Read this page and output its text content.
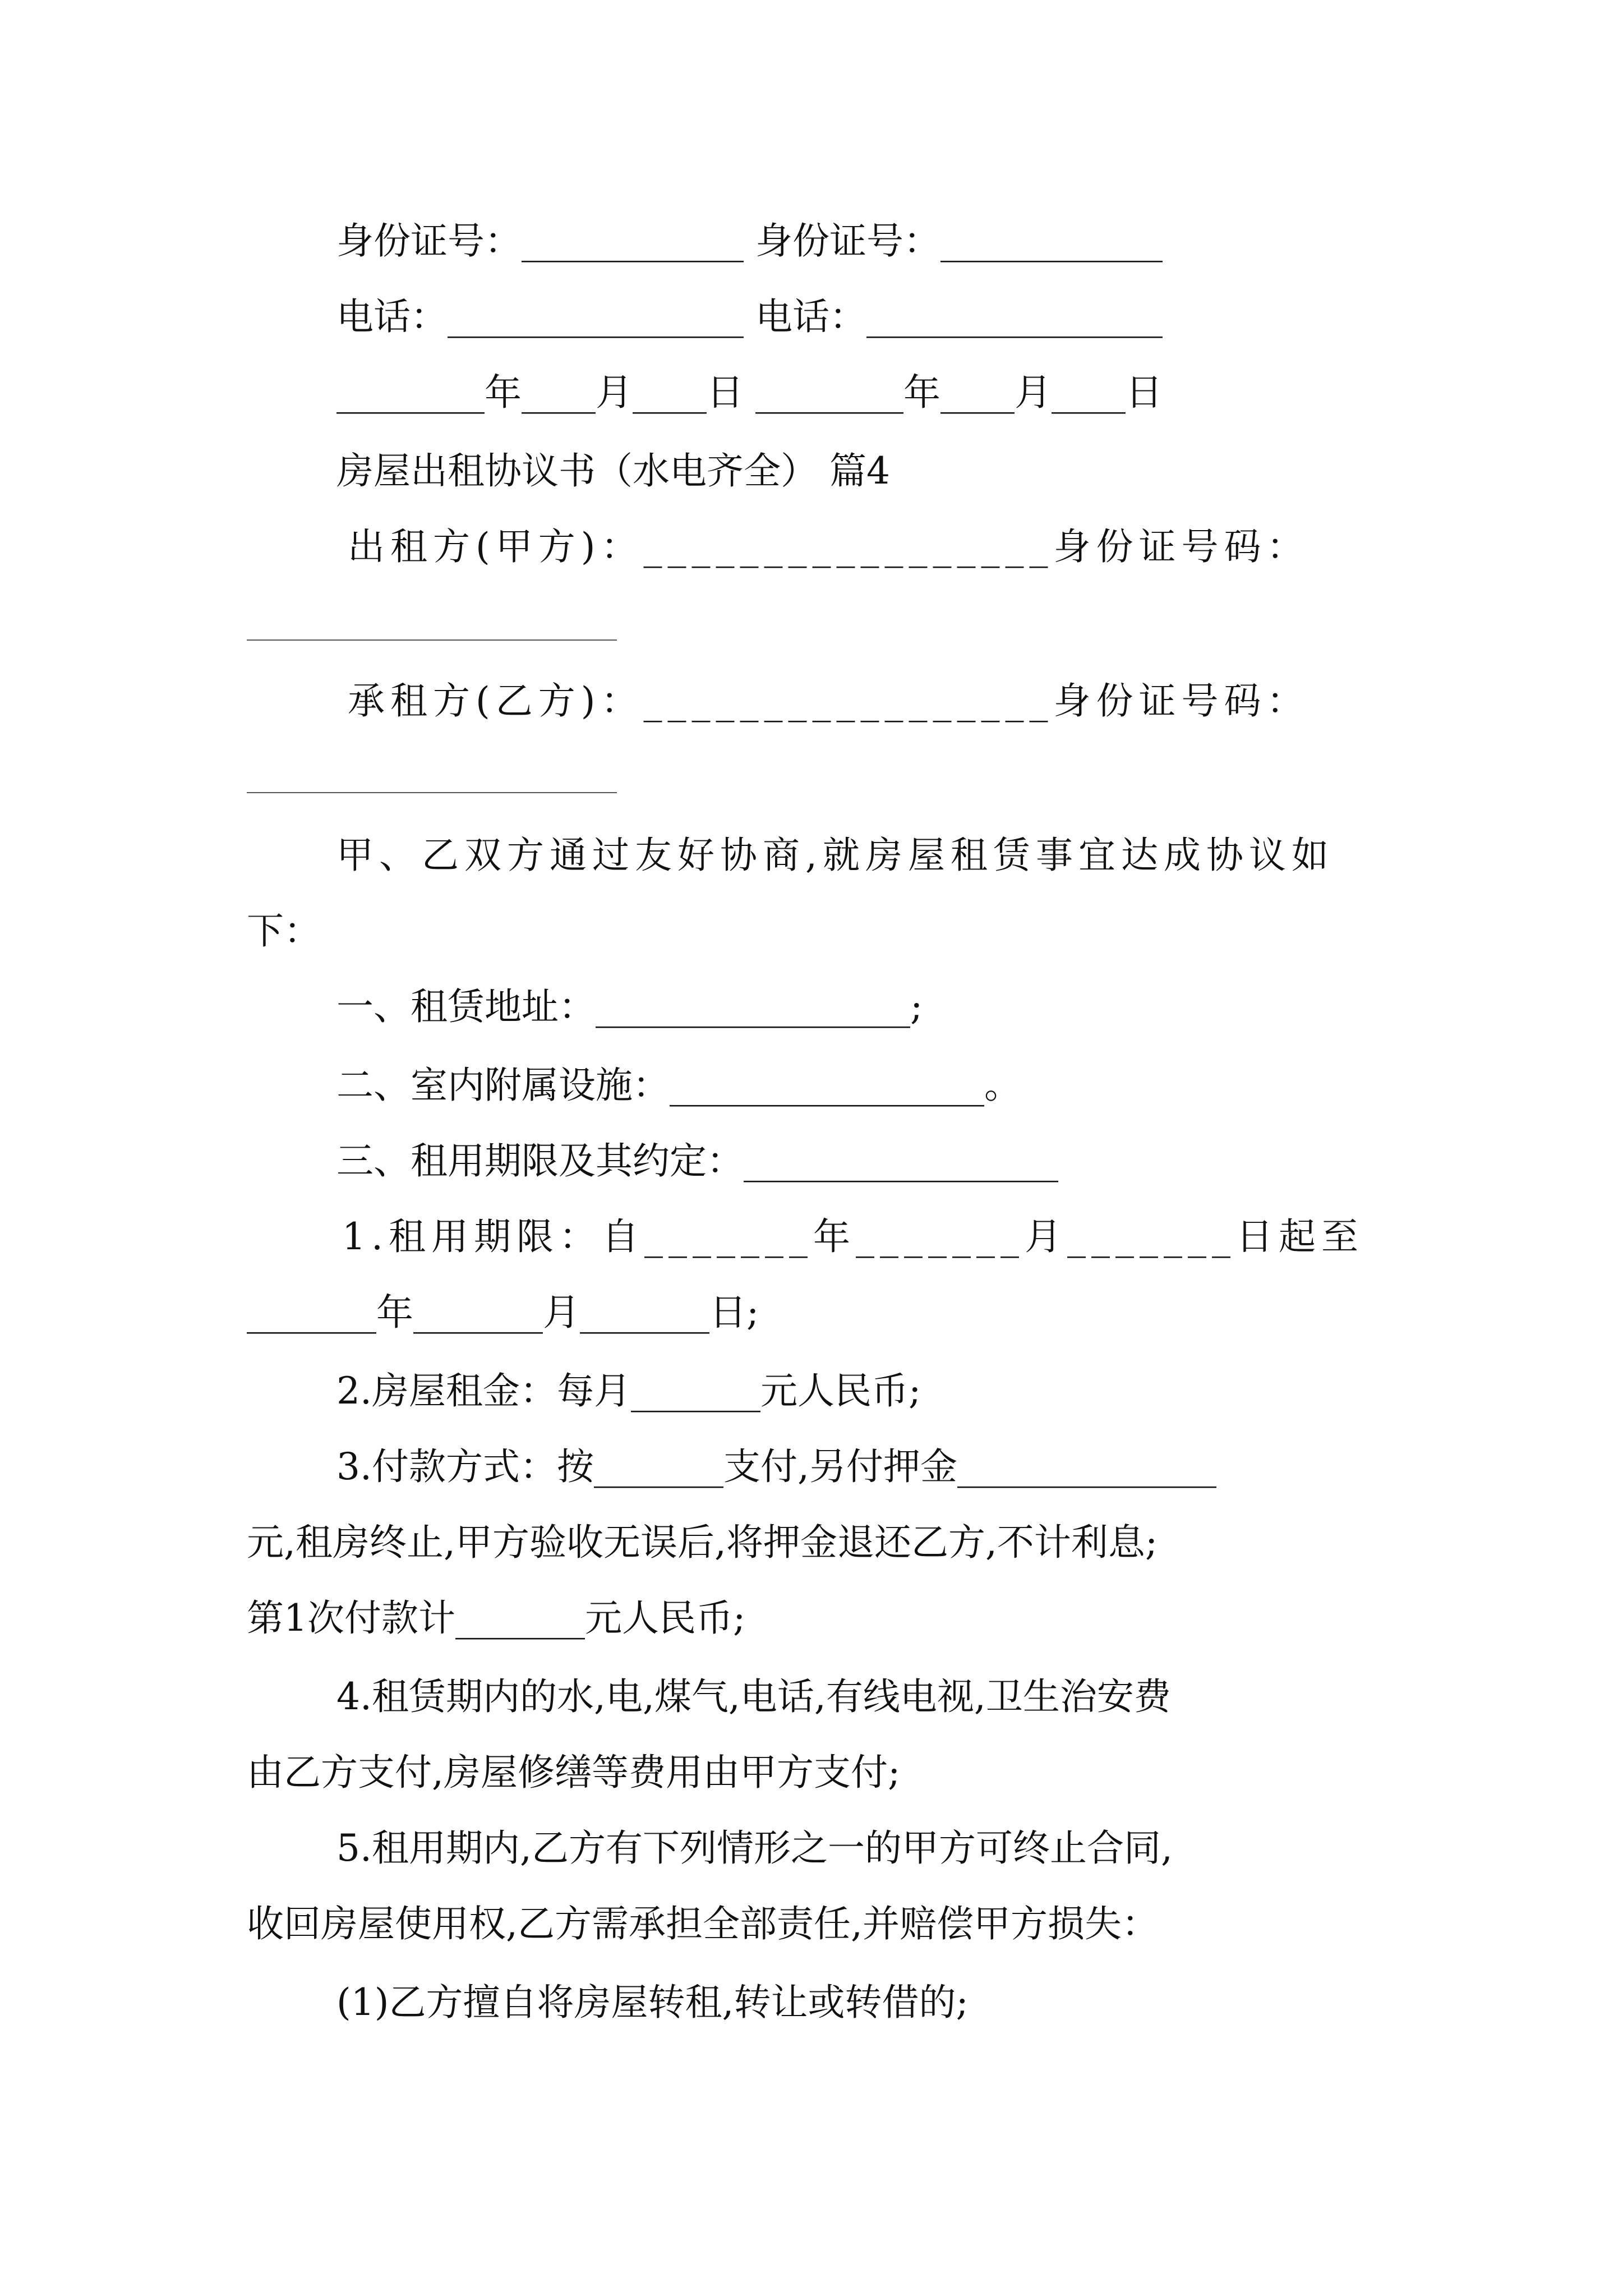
身份证号：____________ 身份证号：____________
电话：________________ 电话：________________
________年____月____日 ________年____月____日
房屋出租协议书（水电齐全） 篇4
出租方(甲方)：_________________身份证号码：
承租方(乙方)：_________________身份证号码：
甲、乙双方通过友好协商,就房屋租赁事宜达成协议如
下：
一、租赁地址：_________________;
二、室内附属设施：_________________。
三、租用期限及其约定：_________________
1.租用期限：自_______年_______月_______日起至
_______年_______月_______日;
2.房屋租金：每月_______元人民币;
3.付款方式：按_______支付,另付押金______________
元,租房终止,甲方验收无误后,将押金退还乙方,不计利息;
第1次付款计_______元人民币;
4.租赁期内的水,电,煤气,电话,有线电视,卫生治安费
由乙方支付,房屋修缮等费用由甲方支付;
5.租用期内,乙方有下列情形之一的甲方可终止合同,
收回房屋使用权,乙方需承担全部责任,并赔偿甲方损失：
(1)乙方擅自将房屋转租,转让或转借的;
